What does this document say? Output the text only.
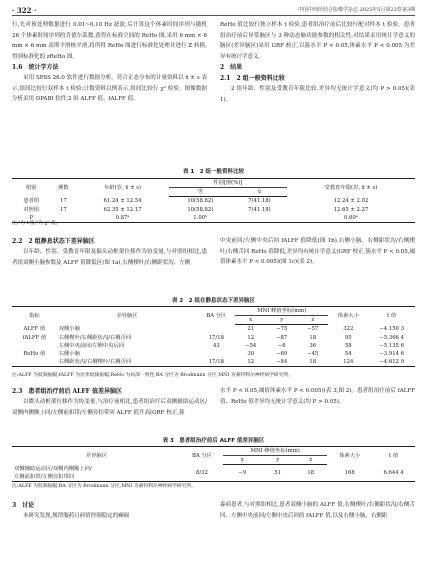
· 322 ·	中国中西医结合影像学杂志 2025年5月第23卷第3期

行,先对预处理数据进行 0.01~0.10 Hz 滤波,后计算这个体素时间序列与随机 26 个体素时间序列的肯德尔系数,获得在标准空间的 ReHo 图,采用 6 mm × 6 mm × 6 mm 高斯平滑核平滑,将所得 ReHo 图进行标准化处理并进行 Z 转换,得到标准化的 zReHo 图。

1.6　统计学方法

采用 SPSS 26.0 软件进行数据分析。符合正态分布的计量资料以 x̄ ± s 表示,组间比较行双样本 t 检验;计数资料以例表示,组间比较行 χ² 检验。图像数据分析采用 DPABI 软件,2 组 ALFF 值、fALFF 值、

ReHo 值比较行独立样本 t 检验,患者组治疗前后比较行配对样本 t 检验。患者组治疗前后异常脑区与 3 种动态脑功能参数的相关性,对结果采用统计学意义的脑区(差异脑区)采用 GRF 校正,以簇水平 P < 0.05,体素水平 P < 0.005 为差异有统计学意义。

2　结果
2.1　2 组一般资料比较

2 组年龄、性别及受教育年限比较,差异均无统计学意义(均 P > 0.05)(表 1)。

表 1　2 组一般资料比较
组别	例数	年龄(岁, x̄ ± s)	性别[例(%)]		受教育年限(岁, x̄ ± s)
			男	女	
患者组	17	61.24 ± 12.54	10(58.82)	7(41.18)	12.24 ± 2.02
对照组	17	62.35 ± 12.17	10(58.82)	7(41.18)	12.65 ± 2.27
P		0.87ᵃ	1.00ᵇ		0.60ᵃ
注:ᵃ为 t 值,ᵇ为 χ² 值。
2.2　2 组静息状态下差异脑区

以年龄、性别、受教育年限及偏头动框架位移作为协变量,与对照组相比,患者组双侧小脑参数及 ALFF 值降低区(图 1a),右侧楔叶/右侧距状沟、左侧

中央前回/左侧中央后回 fALFF 值降低(图 1b),右侧小脑、右侧距状沟/右侧楔叶/右侧舌回 ReHo 值降低,差异均有统计学意义(GRF 校正,簇水平 P < 0.05,阈值体素水平 P < 0.005)(图 1c)(表 2)。

表 2　2 组在静息状态下差异脑区
指标	差异脑区	BA 分区	MNI 峰值坐标(mm)			体素大小	t 值
			x	y	z		
ALFF 值	双侧小脑		21	−75	−57	322	−4.150 3
fALFF 值	右侧楔叶/右侧距状沟/右侧舌回	17/18	12	−87	18	95	−5.366 4
	左侧中央前回/左侧中央后回	43	−54	−6	36	58	−5.135 6
ReHo 值	右侧小脑		30	−69	−45	54	−3.914 6
	右侧距状沟/右侧楔叶/右侧舌回	17/18	12	−84	18	124	−4.612 9
注:ALFF 为低频振幅,fALFF 为比率低频振幅,ReHo 为局部一致性,BA 分区为 Brodmann 分区,MNI 为蒙特利尔神经病学研究所。
2.3　患者组治疗前后 ALFF 值差异脑区

以微头动框架位移作为协变量,与治疗前相比,患者组治疗后双侧辅助运动区/双侧内侧额上回/左侧前扣带/左侧旁扣带回 ALFF 值升高(GRF 校正,簇

水平 P < 0.05,阈值体素水平 P < 0.005)(表 3,图 2)。患者组治疗前后 fALFF 值、ReHo 值差异均无统计学意义(均 P > 0.05)。

表 3　患者组治疗前后 ALFF 值差异脑区
差异脑区	BA 分区	MNI 峰值坐标(mm)			体素大小	t 值
		x	y	z		

双侧辅助运动区/双侧内侧额上回/
左侧前扣带/左侧旁扣带回	8/32	−9	51	18	168	6.644 4
注:ALFF 为低频振幅,BA 分区为 Brodmann 分区,MNI 为蒙特利尔神经病学研究所。
3　讨论

本研究发现,规律服药且病情控制稳定的癫痫

森病患者,与对照组相比,患者双侧小脑的 ALFF 值,右侧楔叶/右侧距状沟/右侧舌回、左侧中央前回/左侧中央后回的 fALFF 值,以及右侧小脑、右侧距
